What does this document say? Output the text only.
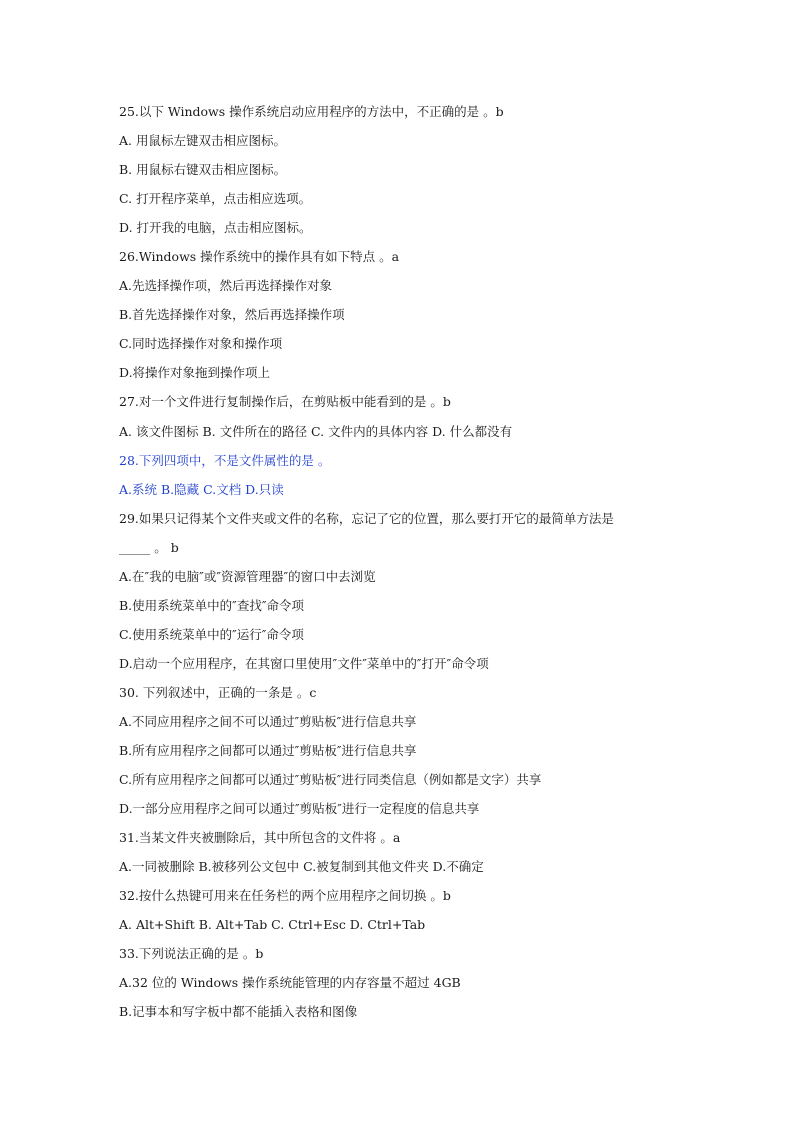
25.以下 Windows 操作系统启动应用程序的方法中，不正确的是 。b
A. 用鼠标左键双击相应图标。
B. 用鼠标右键双击相应图标。
C. 打开程序菜单，点击相应选项。
D. 打开我的电脑，点击相应图标。
26.Windows 操作系统中的操作具有如下特点 。a
A.先选择操作项，然后再选择操作对象
B.首先选择操作对象，然后再选择操作项
C.同时选择操作对象和操作项
D.将操作对象拖到操作项上
27.对一个文件进行复制操作后，在剪贴板中能看到的是 。b
A. 该文件图标 B. 文件所在的路径 C. 文件内的具体内容 D. 什么都没有
28.下列四项中，不是文件属性的是 。
A.系统 B.隐藏 C.文档 D.只读
29.如果只记得某个文件夹或文件的名称，忘记了它的位置，那么要打开它的最简单方法是
_____ 。 b
A.在″我的电脑″或″资源管理器″的窗口中去浏览
B.使用系统菜单中的″查找″命令项
C.使用系统菜单中的″运行″命令项
D.启动一个应用程序，在其窗口里使用″文件″菜单中的″打开″命令项
30. 下列叙述中，正确的一条是 。c
A.不同应用程序之间不可以通过″剪贴板″进行信息共享
B.所有应用程序之间都可以通过″剪贴板″进行信息共享
C.所有应用程序之间都可以通过″剪贴板″进行同类信息（例如都是文字）共享
D.一部分应用程序之间可以通过″剪贴板″进行一定程度的信息共享
31.当某文件夹被删除后，其中所包含的文件将 。a
A.一同被删除 B.被移列公文包中 C.被复制到其他文件夹 D.不确定
32.按什么热键可用来在任务栏的两个应用程序之间切换 。b
A. Alt+Shift B. Alt+Tab C. Ctrl+Esc D. Ctrl+Tab
33.下列说法正确的是 。b
A.32 位的 Windows 操作系统能管理的内存容量不超过 4GB
B.记事本和写字板中都不能插入表格和图像
